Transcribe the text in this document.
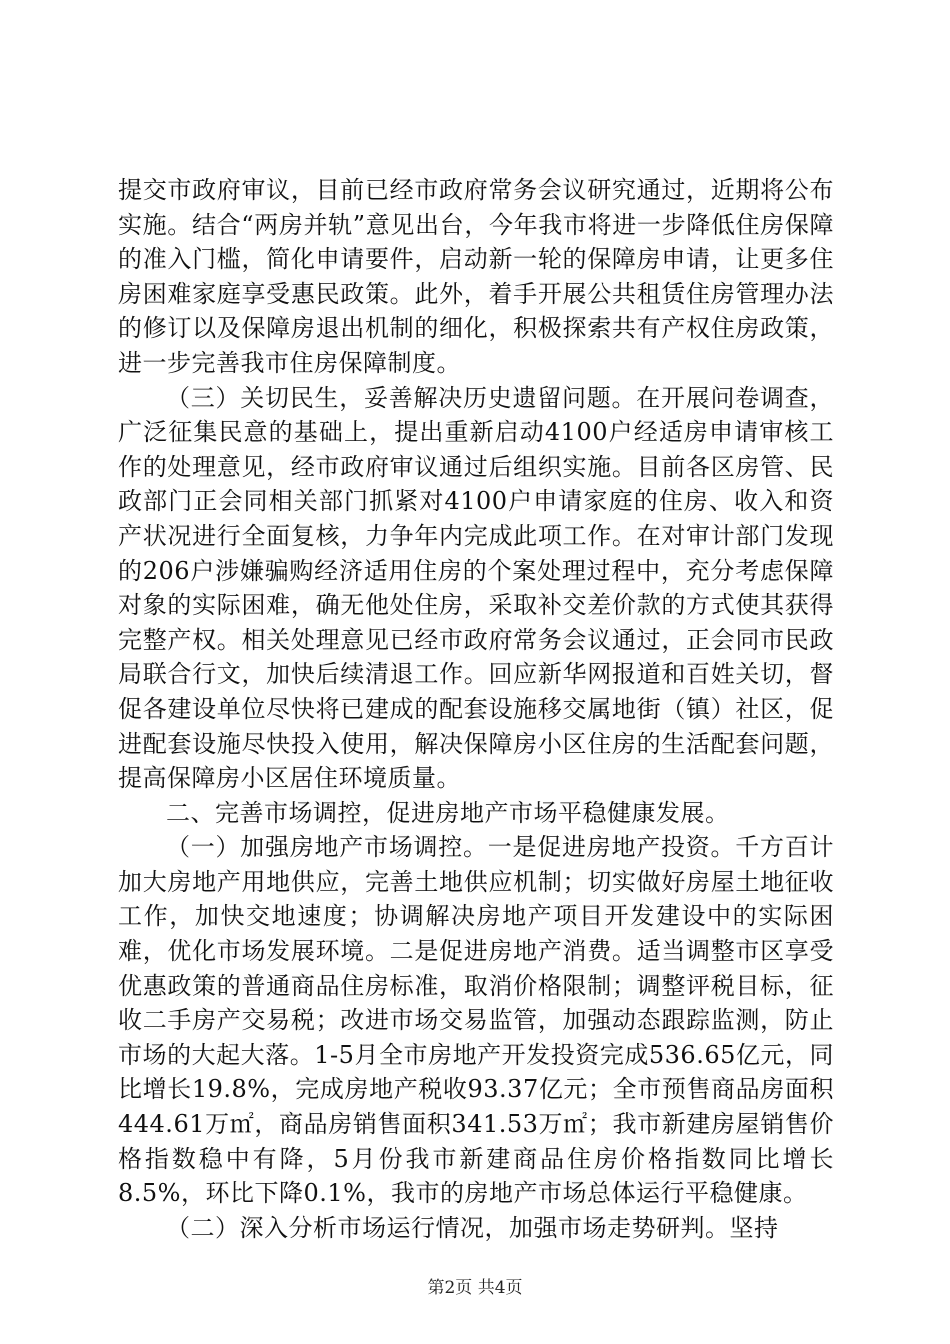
提交市政府审议，目前已经市政府常务会议研究通过，近期将公布实施。结合“两房并轨”意见出台，今年我市将进一步降低住房保障的准入门槛，简化申请要件，启动新一轮的保障房申请，让更多住房困难家庭享受惠民政策。此外，着手开展公共租赁住房管理办法的修订以及保障房退出机制的细化，积极探索共有产权住房政策，进一步完善我市住房保障制度。

（三）关切民生，妥善解决历史遗留问题。在开展问卷调查，广泛征集民意的基础上，提出重新启动4100户经适房申请审核工作的处理意见，经市政府审议通过后组织实施。目前各区房管、民政部门正会同相关部门抓紧对4100户申请家庭的住房、收入和资产状况进行全面复核，力争年内完成此项工作。在对审计部门发现的206户涉嫌骗购经济适用住房的个案处理过程中，充分考虑保障对象的实际困难，确无他处住房，采取补交差价款的方式使其获得完整产权。相关处理意见已经市政府常务会议通过，正会同市民政局联合行文，加快后续清退工作。回应新华网报道和百姓关切，督促各建设单位尽快将已建成的配套设施移交属地街（镇）社区，促进配套设施尽快投入使用，解决保障房小区住房的生活配套问题，提高保障房小区居住环境质量。

二、完善市场调控，促进房地产市场平稳健康发展。

（一）加强房地产市场调控。一是促进房地产投资。千方百计加大房地产用地供应，完善土地供应机制；切实做好房屋土地征收工作，加快交地速度；协调解决房地产项目开发建设中的实际困难，优化市场发展环境。二是促进房地产消费。适当调整市区享受优惠政策的普通商品住房标准，取消价格限制；调整评税目标，征收二手房产交易税；改进市场交易监管，加强动态跟踪监测，防止市场的大起大落。1-5月全市房地产开发投资完成536.65亿元，同比增长19.8%，完成房地产税收93.37亿元；全市预售商品房面积444.61万㎡，商品房销售面积341.53万㎡；我市新建房屋销售价格指数稳中有降，5月份我市新建商品住房价格指数同比增长8.5%，环比下降0.1%，我市的房地产市场总体运行平稳健康。

（二）深入分析市场运行情况，加强市场走势研判。坚持

第2页 共4页
